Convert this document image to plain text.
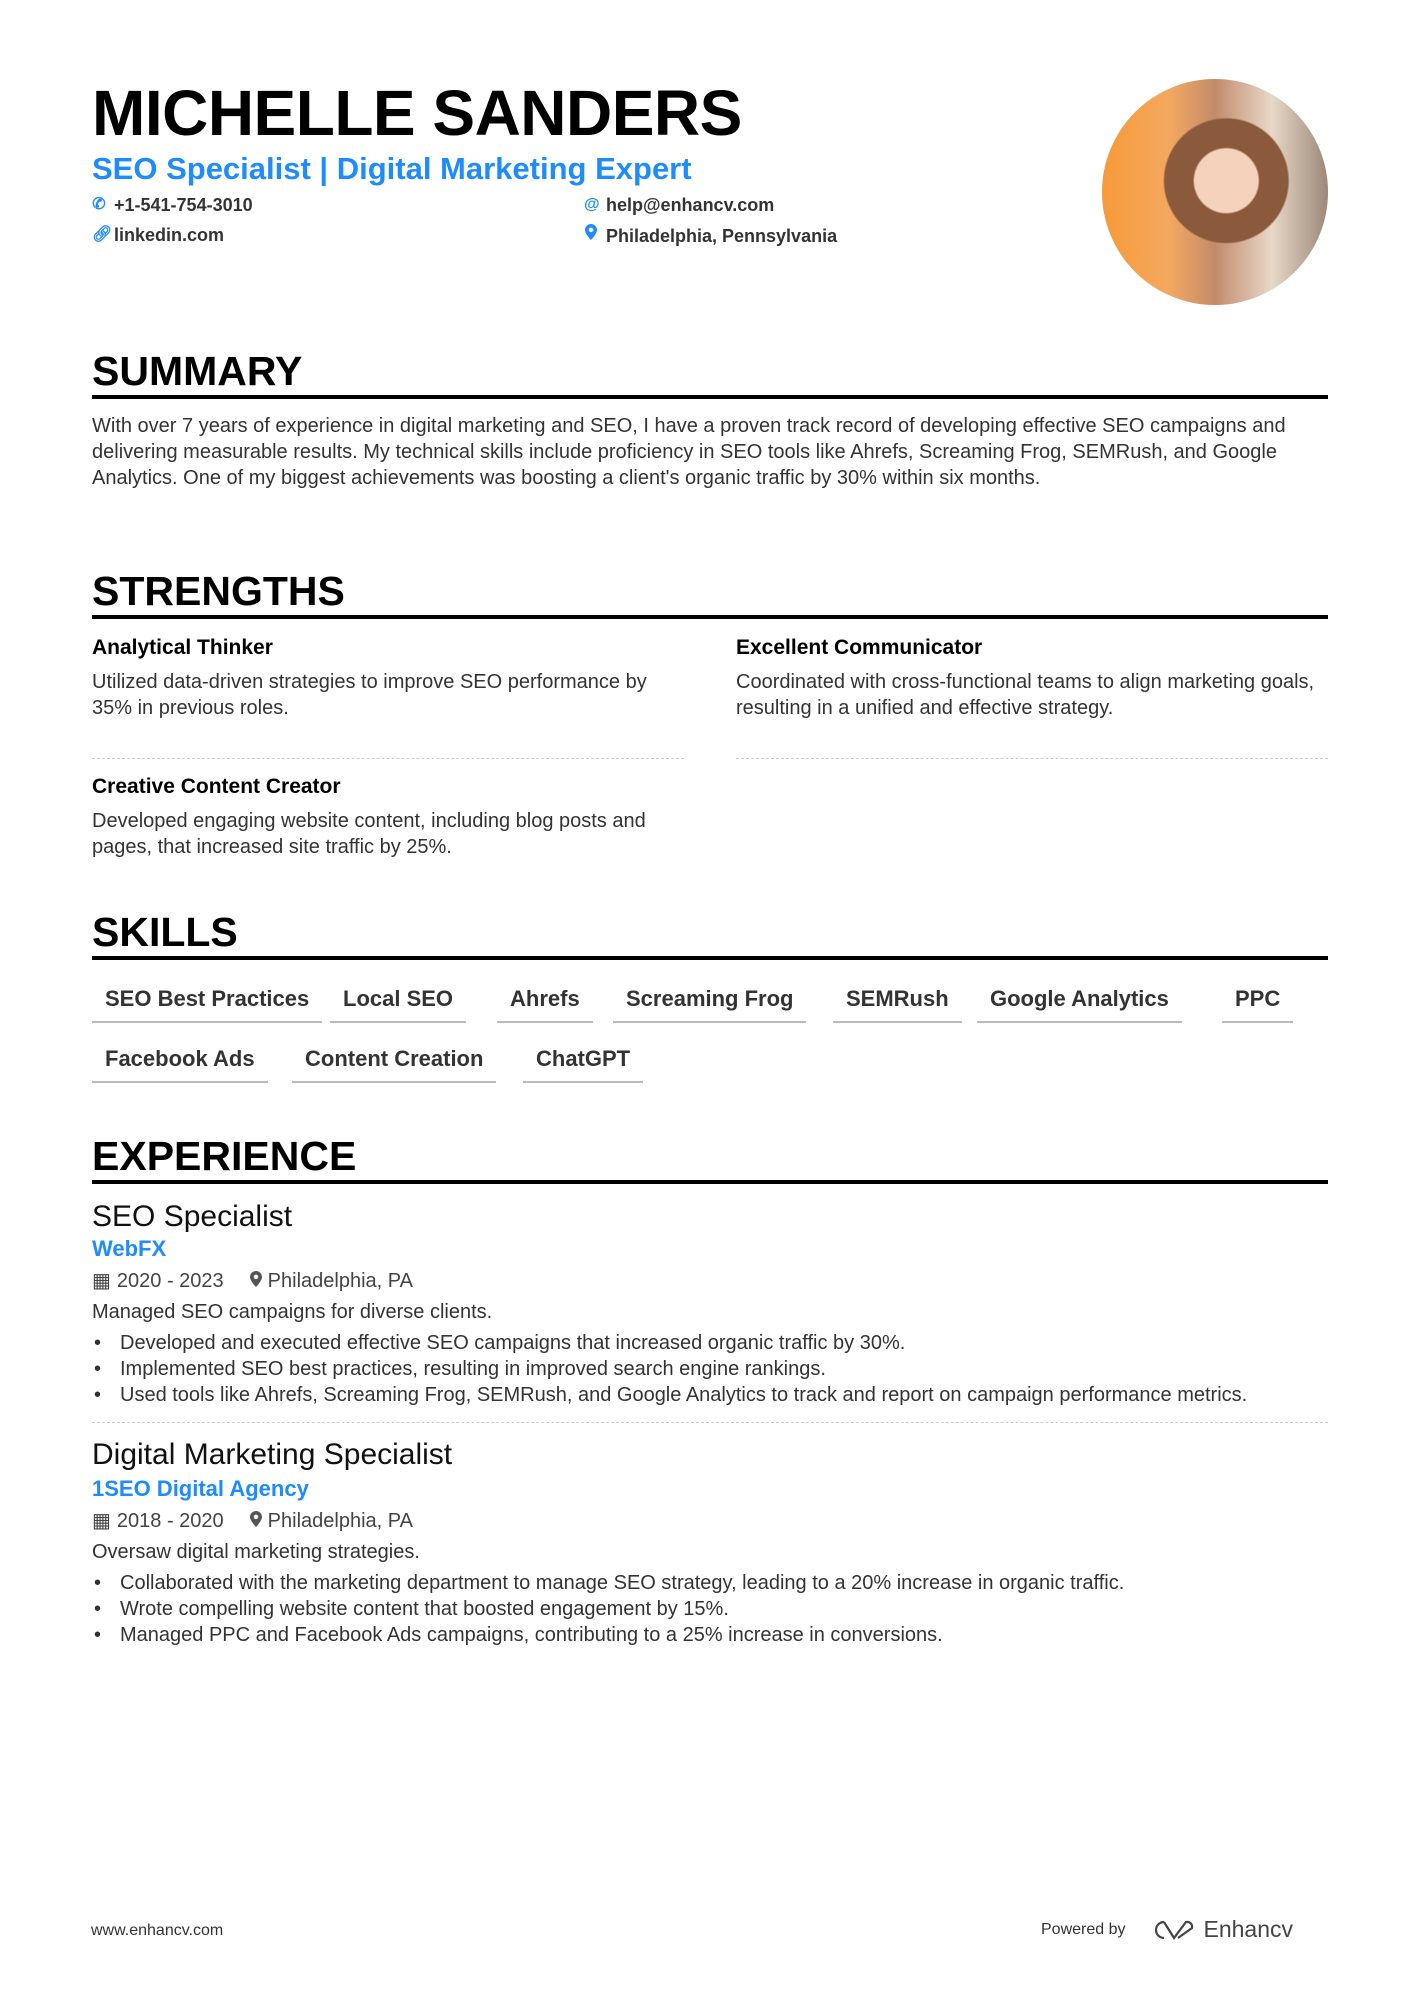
MICHELLE SANDERS
SEO Specialist | Digital Marketing Expert
✆ +1-541-754-3010	@ help@enhancv.com
🔗︎ linkedin.com	Philadelphia, Pennsylvania
SUMMARY
With over 7 years of experience in digital marketing and SEO, I have a proven track record of developing effective SEO campaigns and delivering measurable results. My technical skills include proficiency in SEO tools like Ahrefs, Screaming Frog, SEMRush, and Google Analytics. One of my biggest achievements was boosting a client's organic traffic by 30% within six months.
STRENGTHS
Analytical Thinker
Utilized data-driven strategies to improve SEO performance by 35% in previous roles.
Excellent Communicator
Coordinated with cross-functional teams to align marketing goals, resulting in a unified and effective strategy.
Creative Content Creator
Developed engaging website content, including blog posts and pages, that increased site traffic by 25%.
SKILLS
SEO Best Practices	Local SEO	Ahrefs	Screaming Frog	SEMRush	Google Analytics	PPC
Facebook Ads	Content Creation	ChatGPT
EXPERIENCE
SEO Specialist
WebFX
▦ 2020 - 2023 Philadelphia, PA
Managed SEO campaigns for diverse clients.
• Developed and executed effective SEO campaigns that increased organic traffic by 30%.
• Implemented SEO best practices, resulting in improved search engine rankings.
• Used tools like Ahrefs, Screaming Frog, SEMRush, and Google Analytics to track and report on campaign performance metrics.
Digital Marketing Specialist
1SEO Digital Agency
▦ 2018 - 2020 Philadelphia, PA
Oversaw digital marketing strategies.
• Collaborated with the marketing department to manage SEO strategy, leading to a 20% increase in organic traffic.
• Wrote compelling website content that boosted engagement by 15%.
• Managed PPC and Facebook Ads campaigns, contributing to a 25% increase in conversions.
www.enhancv.com	Powered by	Enhancv
